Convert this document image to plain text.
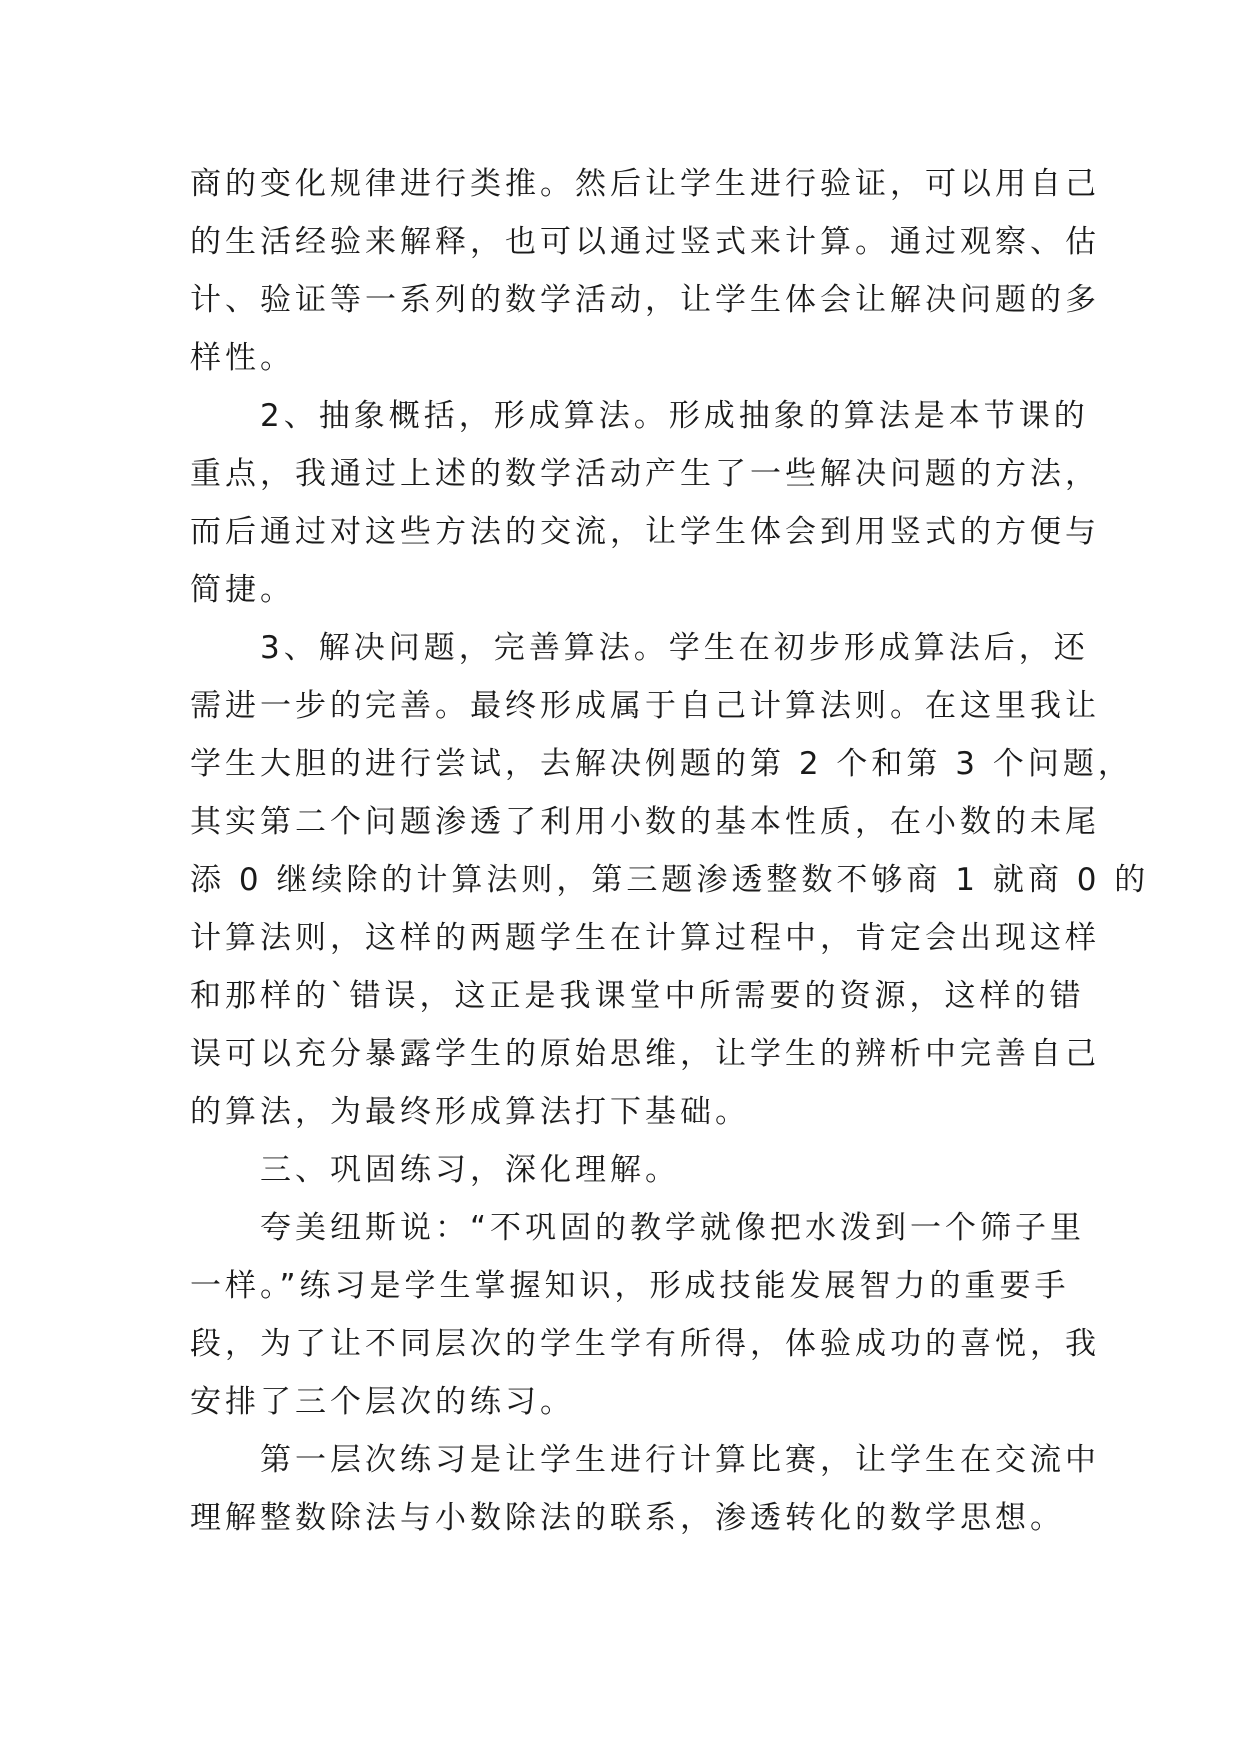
商的变化规律进行类推。然后让学生进行验证，可以用自己
的生活经验来解释，也可以通过竖式来计算。通过观察、估
计、验证等一系列的数学活动，让学生体会让解决问题的多
样性。
　　2、抽象概括，形成算法。形成抽象的算法是本节课的
重点，我通过上述的数学活动产生了一些解决问题的方法，
而后通过对这些方法的交流，让学生体会到用竖式的方便与
简捷。
　　3、解决问题，完善算法。学生在初步形成算法后，还
需进一步的完善。最终形成属于自己计算法则。在这里我让
学生大胆的进行尝试，去解决例题的第 2 个和第 3 个问题，
其实第二个问题渗透了利用小数的基本性质，在小数的未尾
添 0 继续除的计算法则，第三题渗透整数不够商 1 就商 0 的
计算法则，这样的两题学生在计算过程中，肯定会出现这样
和那样的`错误，这正是我课堂中所需要的资源，这样的错
误可以充分暴露学生的原始思维，让学生的辨析中完善自己
的算法，为最终形成算法打下基础。
　　三、巩固练习，深化理解。
　　夸美纽斯说：“不巩固的教学就像把水泼到一个筛子里
一样。”练习是学生掌握知识，形成技能发展智力的重要手
段，为了让不同层次的学生学有所得，体验成功的喜悦，我
安排了三个层次的练习。
　　第一层次练习是让学生进行计算比赛，让学生在交流中
理解整数除法与小数除法的联系，渗透转化的数学思想。
